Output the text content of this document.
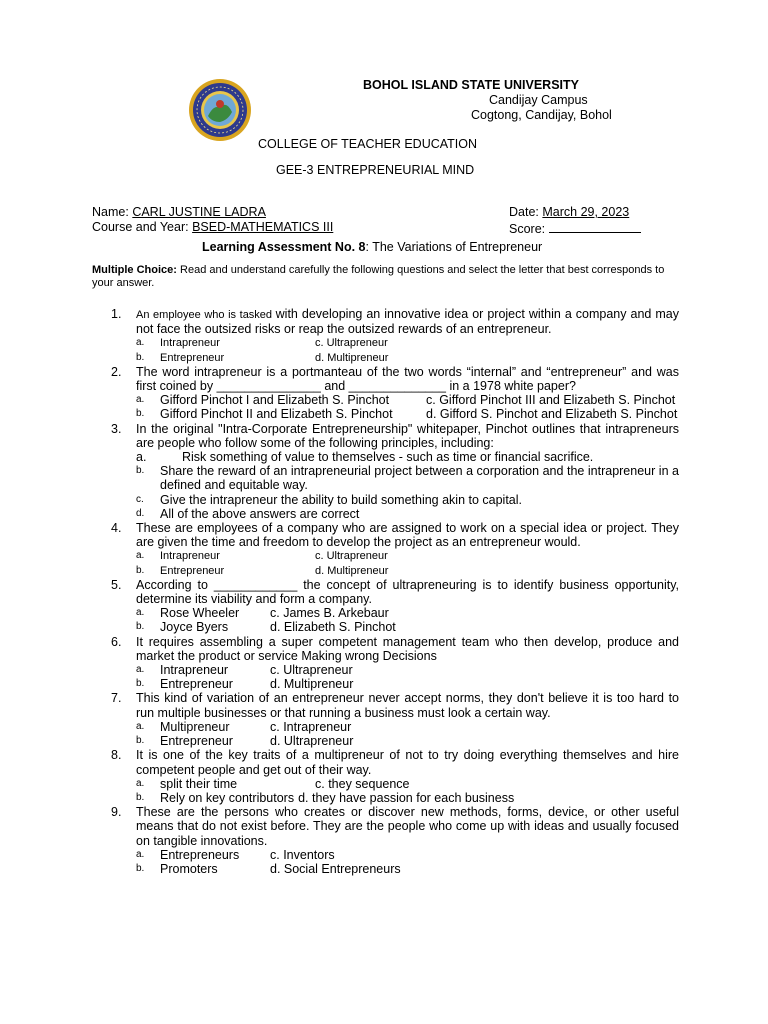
BOHOL ISLAND STATE UNIVERSITY
Candijay Campus
Cogtong, Candijay, Bohol
COLLEGE OF TEACHER EDUCATION
GEE-3 ENTREPRENEURIAL MIND
Name: CARL JUSTINE LADRA
Course and Year: BSED-MATHEMATICS III
Date: March 29, 2023
Score:
Learning Assessment No. 8: The Variations of Entrepreneur
Multiple Choice: Read and understand carefully the following questions and select the letter that best corresponds to your answer.
1.	An employee who is tasked with developing an innovative idea or project within a company and may not face the outsized risks or reap the outsized rewards of an entrepreneur.
a.	Intrapreneur	c. Ultrapreneur
b.	Entrepreneur	d. Multipreneur
2.	The word intrapreneur is a portmanteau of the two words “internal” and “entrepreneur” and was first coined by _______________ and ______________ in a 1978 white paper?
a.	Gifford Pinchot I and Elizabeth S. Pinchot	c. Gifford Pinchot III and Elizabeth S. Pinchot
b.	Gifford Pinchot II and Elizabeth S. Pinchot	d. Gifford S. Pinchot and Elizabeth S. Pinchot
3.	In the original "Intra-Corporate Entrepreneurship" whitepaper, Pinchot outlines that intrapreneurs are people who follow some of the following principles, including:
a.	Risk something of value to themselves - such as time or financial sacrifice.
b.	Share the reward of an intrapreneurial project between a corporation and the intrapreneur in a defined and equitable way.
c.	Give the intrapreneur the ability to build something akin to capital.
d.	All of the above answers are correct
4.	These are employees of a company who are assigned to work on a special idea or project. They are given the time and freedom to develop the project as an entrepreneur would.
a.	Intrapreneur	c. Ultrapreneur
b.	Entrepreneur	d. Multipreneur
5.	According to ____________ the concept of ultrapreneuring is to identify business opportunity, determine its viability and form a company.
a.	Rose Wheeler	c. James B. Arkebaur
b.	Joyce Byers	d. Elizabeth S. Pinchot
6.	It requires assembling a super competent management team who then develop, produce and market the product or service Making wrong Decisions
a.	Intrapreneur	c. Ultrapreneur
b.	Entrepreneur	d. Multipreneur
7.	This kind of variation of an entrepreneur never accept norms, they don't believe it is too hard to run multiple businesses or that running a business must look a certain way.
a.	Multipreneur	c. Intrapreneur
b.	Entrepreneur	d. Ultrapreneur
8.	It is one of the key traits of a multipreneur of not to try doing everything themselves and hire competent people and get out of their way.
a.	split their time	c. they sequence
b.	Rely on key contributors d. they have passion for each business
9.	These are the persons who creates or discover new methods, forms, device, or other useful means that do not exist before. They are the people who come up with ideas and usually focused on tangible innovations.
a.	Entrepreneurs	c. Inventors
b.	Promoters	d. Social Entrepreneurs
